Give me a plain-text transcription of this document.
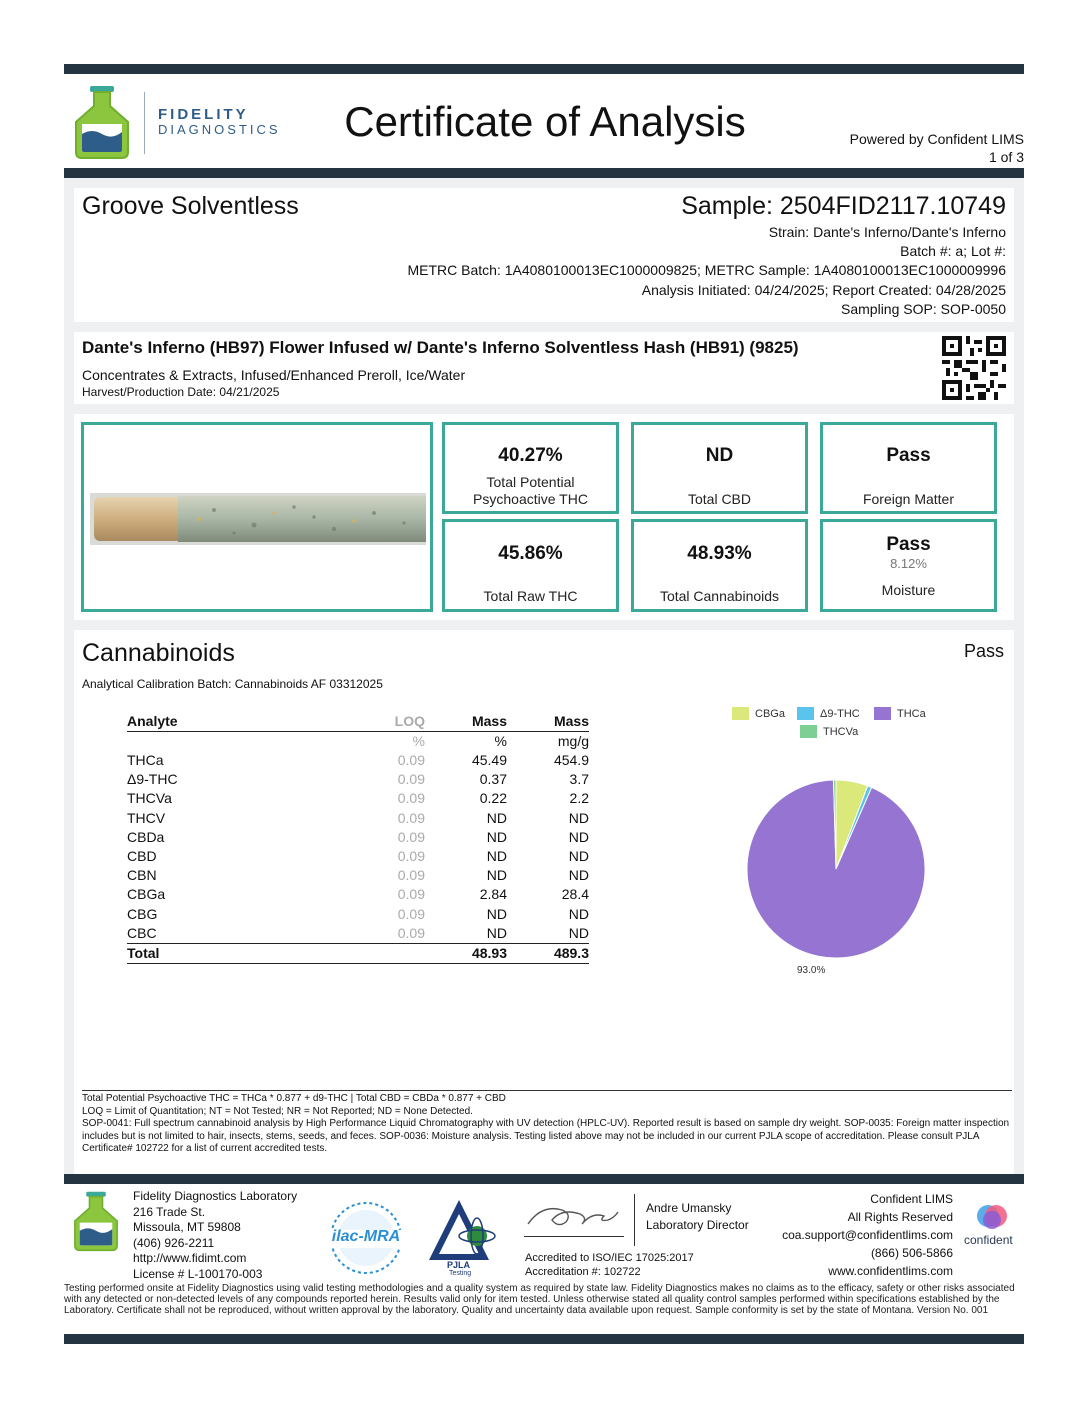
FIDELITY
DIAGNOSTICS	Certificate of Analysis	Powered by Confident LIMS
1 of 3
Groove Solventless	Sample: 2504FID2117.10749
Strain: Dante's Inferno/Dante's Inferno
Batch #: a; Lot #:
METRC Batch: 1A4080100013EC1000009825; METRC Sample: 1A4080100013EC1000009996
Analysis Initiated: 04/24/2025; Report Created: 04/28/2025
Sampling SOP: SOP-0050
Dante's Inferno (HB97) Flower Infused w/ Dante's Inferno Solventless Hash (HB91) (9825)
Concentrates & Extracts, Infused/Enhanced Preroll, Ice/Water
Harvest/Production Date: 04/21/2025
40.27%
Total Potential Psychoactive THC
ND
Total CBD
Pass
Foreign Matter
45.86%
Total Raw THC
48.93%
Total Cannabinoids
Pass
8.12%
Moisture
Cannabinoids	Pass
Analytical Calibration Batch: Cannabinoids AF 03312025
Analyte	LOQ	Mass	Mass
	%	%	mg/g
THCa	0.09	45.49	454.9
Δ9-THC	0.09	0.37	3.7
THCVa	0.09	0.22	2.2
THCV	0.09	ND	ND
CBDa	0.09	ND	ND
CBD	0.09	ND	ND
CBN	0.09	ND	ND
CBGa	0.09	2.84	28.4
CBG	0.09	ND	ND
CBC	0.09	ND	ND
Total		48.93	489.3
CBGa	Δ9-THC	THCa
THCVa
93.0%
Total Potential Psychoactive THC = THCa * 0.877 + d9-THC | Total CBD = CBDa * 0.877 + CBD
LOQ = Limit of Quantitation; NT = Not Tested; NR = Not Reported; ND = None Detected.
SOP-0041: Full spectrum cannabinoid analysis by High Performance Liquid Chromatography with UV detection (HPLC-UV). Reported result is based on sample dry weight. SOP-0035: Foreign matter inspection includes but is not limited to hair, insects, stems, seeds, and feces. SOP-0036: Moisture analysis. Testing listed above may not be included in our current PJLA scope of accreditation. Please consult PJLA Certificate# 102722 for a list of current accredited tests.
Fidelity Diagnostics Laboratory
216 Trade St.
Missoula, MT 59808
(406) 926-2211
http://www.fidimt.com
License # L-100170-003
ilac-MRA
PJLA
Testing
Andre Umansky
Laboratory Director
Accredited to ISO/IEC 17025:2017
Accreditation #: 102722
Confident LIMS
All Rights Reserved
coa.support@confidentlims.com
(866) 506-5866
www.confidentlims.com
confident
Testing performed onsite at Fidelity Diagnostics using valid testing methodologies and a quality system as required by state law. Fidelity Diagnostics makes no claims as to the efficacy, safety or other risks associated with any detected or non-detected levels of any compounds reported herein. Results valid only for item tested. Unless otherwise stated all quality control samples performed within specifications established by the Laboratory. Certificate shall not be reproduced, without written approval by the laboratory. Quality and uncertainty data available upon request. Sample conformity is set by the state of Montana. Version No. 001
